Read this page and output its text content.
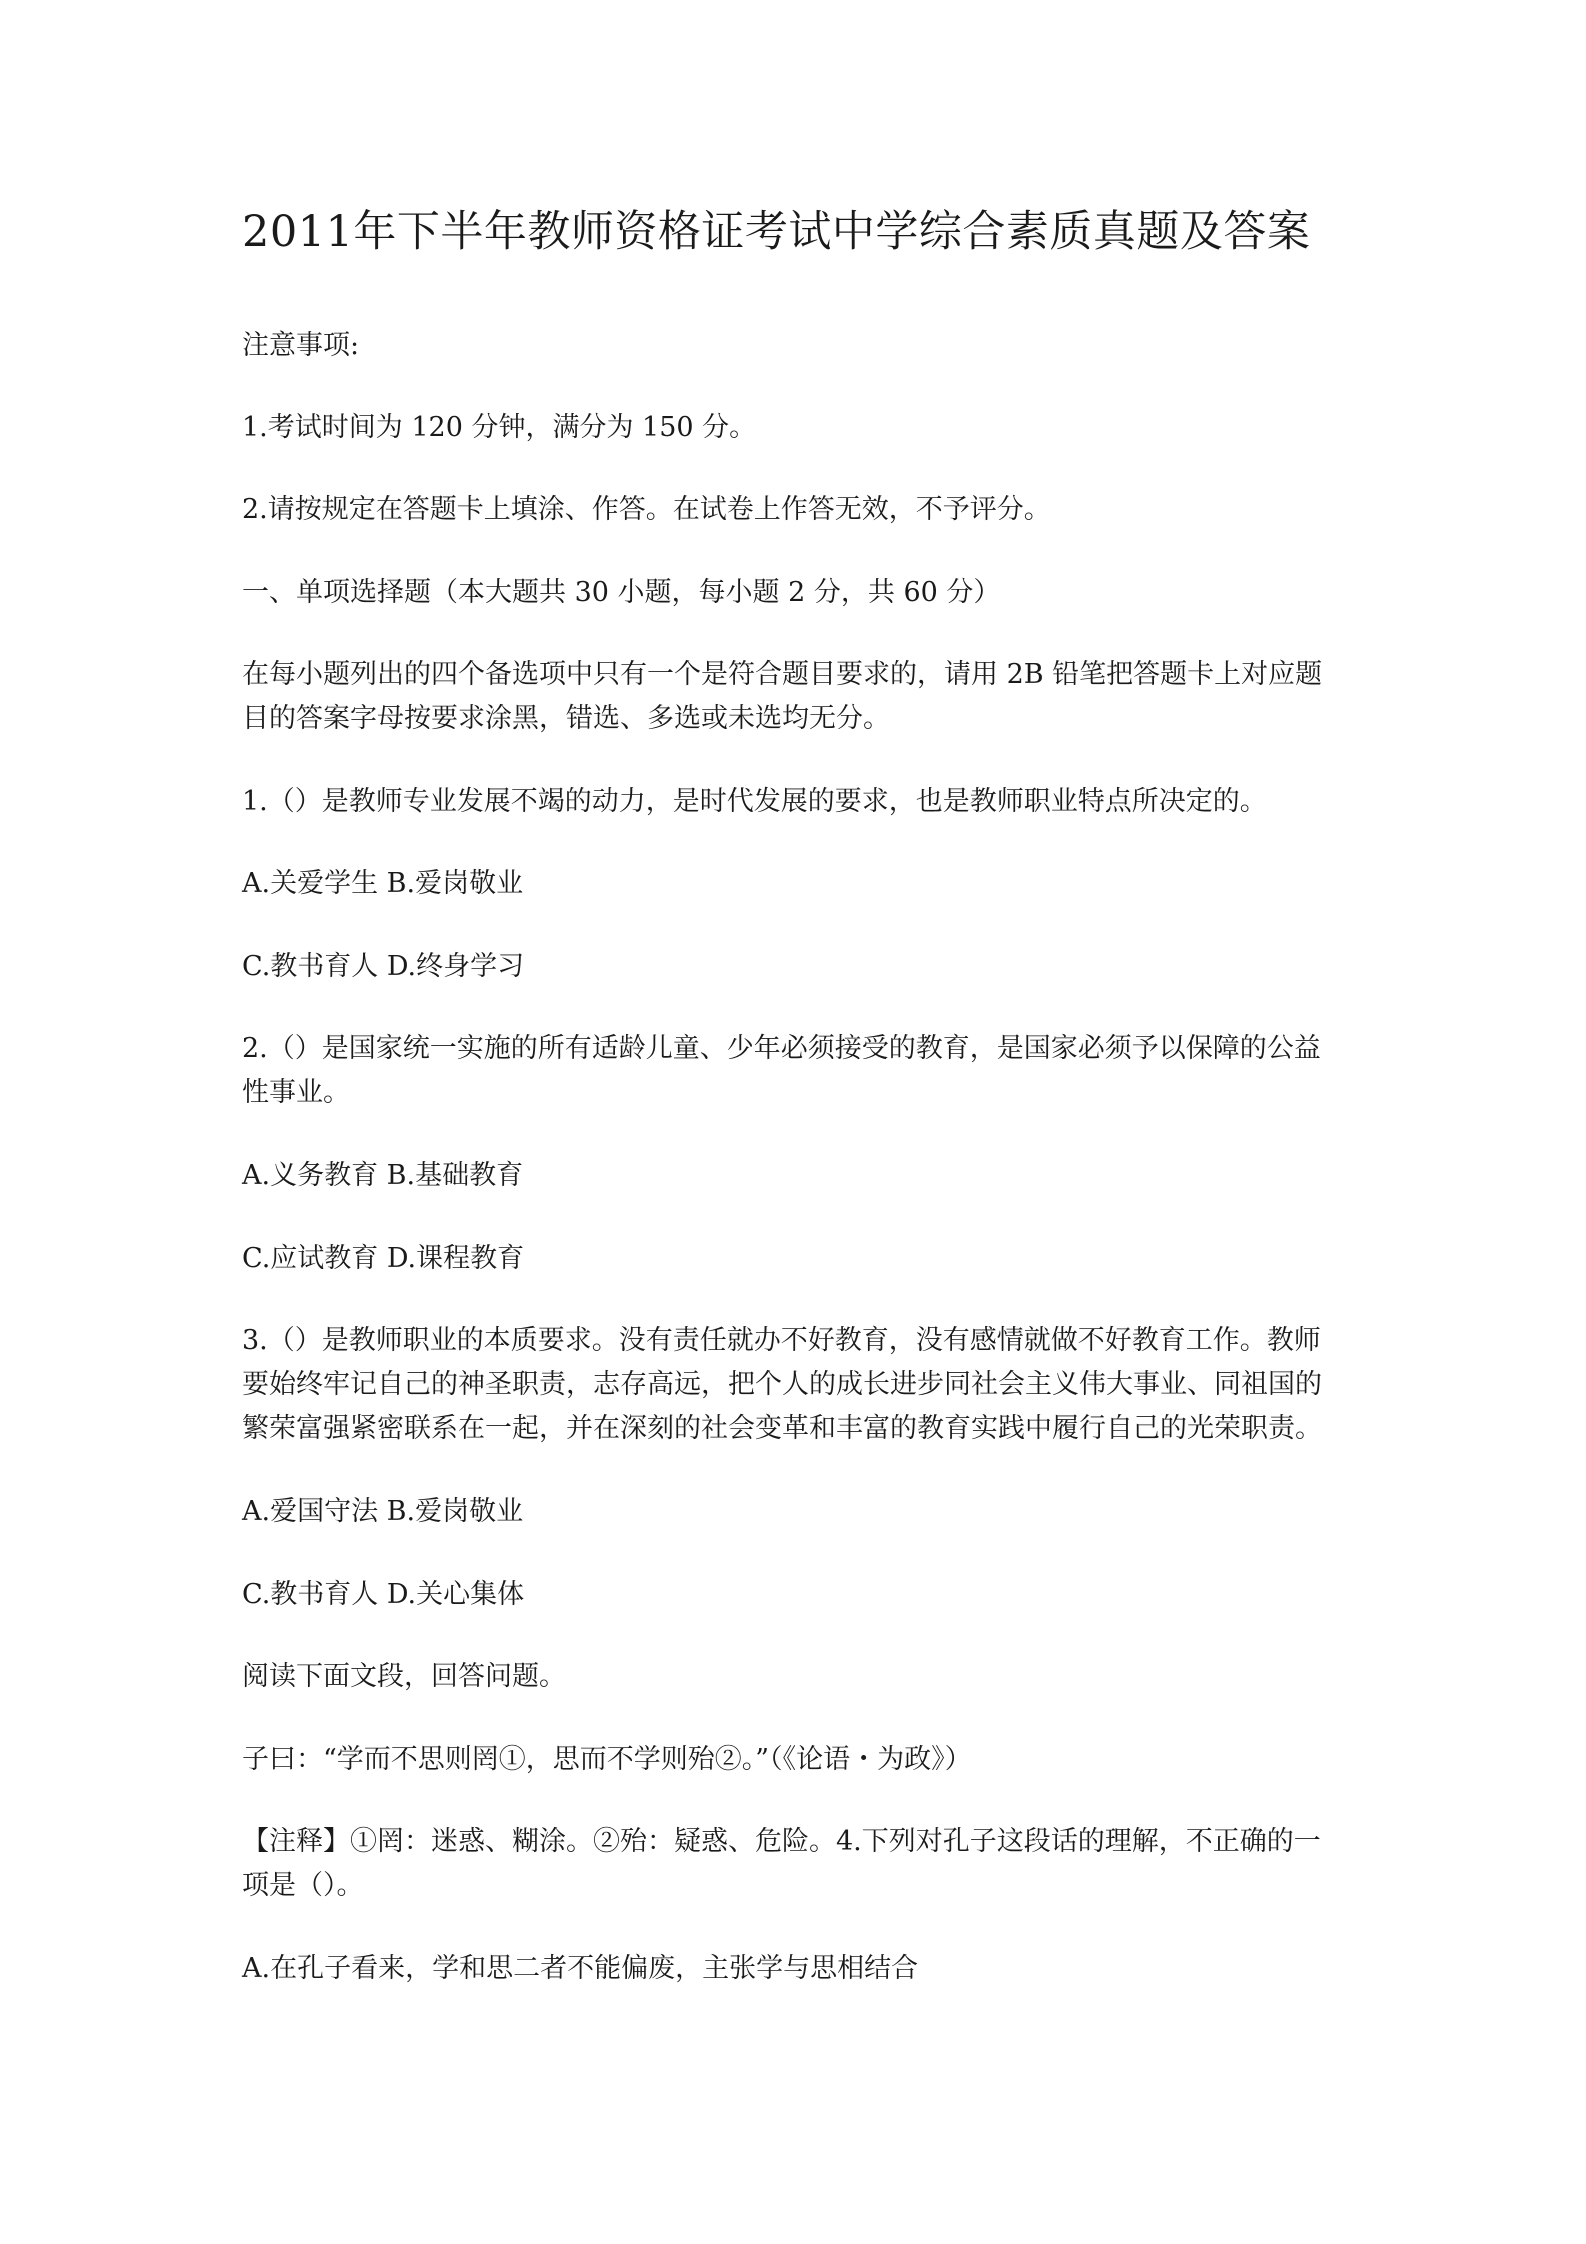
2011年下半年教师资格证考试中学综合素质真题及答案
注意事项:
1.考试时间为 120 分钟，满分为 150 分。
2.请按规定在答题卡上填涂、作答。在试卷上作答无效，不予评分。
一、单项选择题（本大题共 30 小题，每小题 2 分，共 60 分）
在每小题列出的四个备选项中只有一个是符合题目要求的，请用 2B 铅笔把答题卡上对应题
目的答案字母按要求涂黑，错选、多选或未选均无分。
1.（）是教师专业发展不竭的动力，是时代发展的要求，也是教师职业特点所决定的。
A.关爱学生 B.爱岗敬业
C.教书育人 D.终身学习
2.（）是国家统一实施的所有适龄儿童、少年必须接受的教育，是国家必须予以保障的公益
性事业。
A.义务教育 B.基础教育
C.应试教育 D.课程教育
3.（）是教师职业的本质要求。没有责任就办不好教育，没有感情就做不好教育工作。教师
要始终牢记自己的神圣职责，志存高远，把个人的成长进步同社会主义伟大事业、同祖国的
繁荣富强紧密联系在一起，并在深刻的社会变革和丰富的教育实践中履行自己的光荣职责。
A.爱国守法 B.爱岗敬业
C.教书育人 D.关心集体
阅读下面文段，回答问题。
子曰：“学而不思则罔①，思而不学则殆②。”（《论语・为政》）
【注释】①罔：迷惑、糊涂。②殆：疑惑、危险。4.下列对孔子这段话的理解，不正确的一
项是（）。
A.在孔子看来，学和思二者不能偏废，主张学与思相结合
